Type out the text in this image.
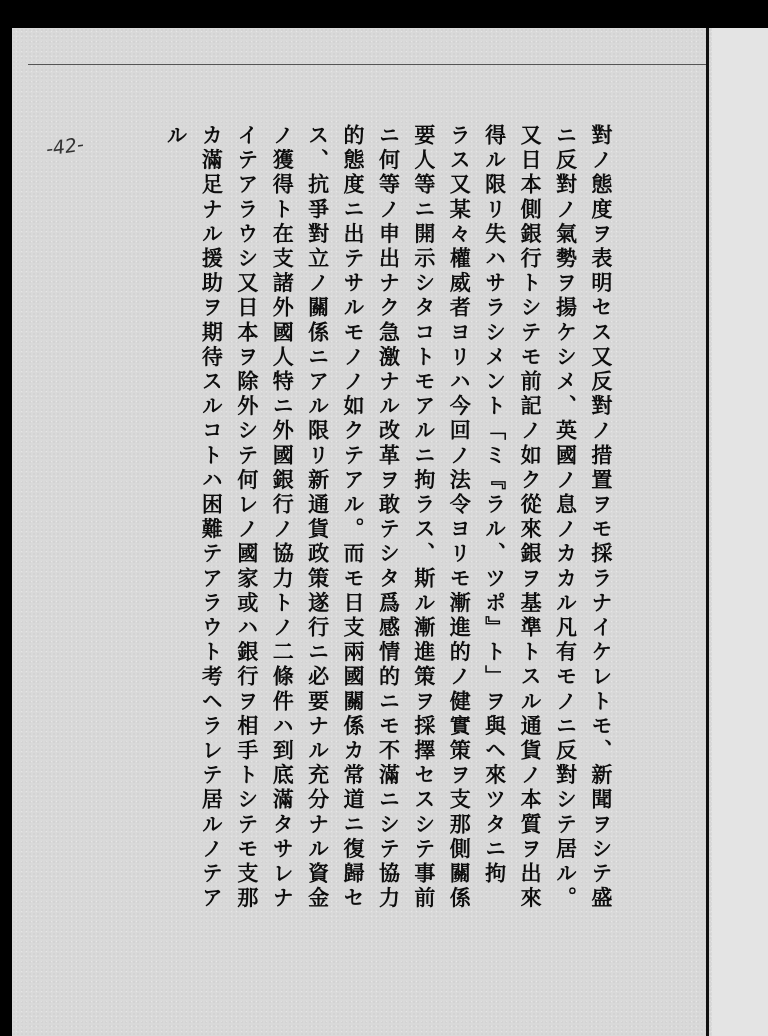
-42-	對ノ態度ヲ表明セス又反對ノ措置ヲモ採ラナイケレトモ、新聞ヲシテ盛
ニ反對ノ氣勢ヲ揚ケシメ、英國ノ息ノカカル凡有モノニ反對シテ居ル。
又日本側銀行トシテモ前記ノ如ク從來銀ヲ基準トスル通貨ノ本質ヲ出來
得ル限リ失ハサラシメント「ミ『ラル、ツポ』ト」ヲ與ヘ來ツタニ拘
ラス又某々權威者ヨリハ今回ノ法令ヨリモ漸進的ノ健實策ヲ支那側關係
要人等ニ開示シタコトモアルニ拘ラス、斯ル漸進策ヲ採擇セスシテ事前
ニ何等ノ申出ナク急激ナル改革ヲ敢テシタ爲感情的ニモ不滿ニシテ協力
的態度ニ出テサルモノノ如クテアル。而モ日支兩國關係カ常道ニ復歸セ
ス、抗爭對立ノ關係ニアル限リ新通貨政策遂行ニ必要ナル充分ナル資金
ノ獲得ト在支諸外國人特ニ外國銀行ノ協力トノ二條件ハ到底滿タサレナ
イテアラウシ又日本ヲ除外シテ何レノ國家或ハ銀行ヲ相手トシテモ支那
カ滿足ナル援助ヲ期待スルコトハ困難テアラウト考ヘラレテ居ルノテア
ル
